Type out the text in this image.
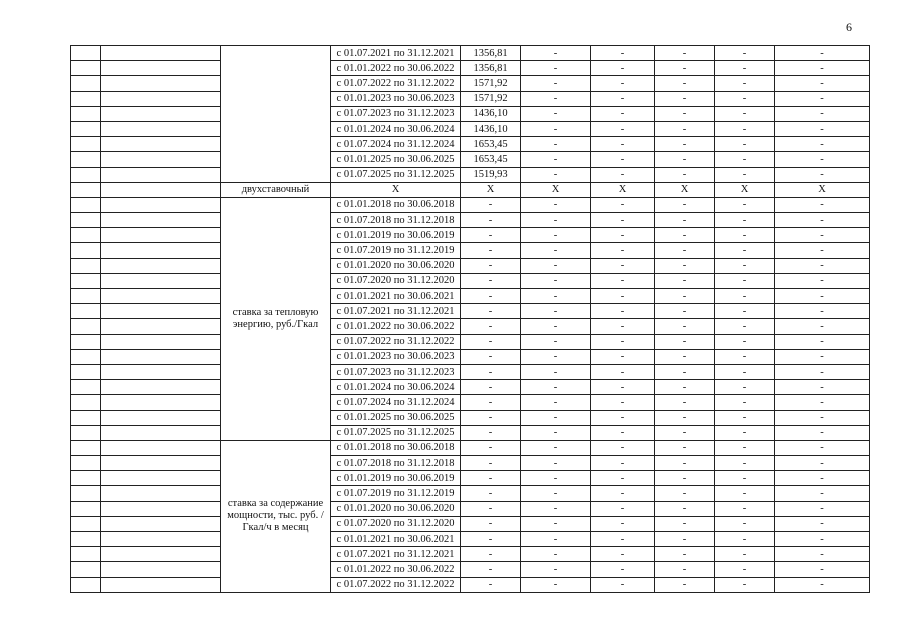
6
			с 01.07.2021 по 31.12.2021	1356,81	-	-	-	-	-
			с 01.01.2022 по 30.06.2022	1356,81	-	-	-	-	-
			с 01.07.2022 по 31.12.2022	1571,92	-	-	-	-	-
			с 01.01.2023 по 30.06.2023	1571,92	-	-	-	-	-
			с 01.07.2023 по 31.12.2023	1436,10	-	-	-	-	-
			с 01.01.2024 по 30.06.2024	1436,10	-	-	-	-	-
			с 01.07.2024 по 31.12.2024	1653,45	-	-	-	-	-
			с 01.01.2025 по 30.06.2025	1653,45	-	-	-	-	-
			с 01.07.2025 по 31.12.2025	1519,93	-	-	-	-	-
		двухставочный	X	X	X	X	X	X	X
		ставка за тепловую энергию, руб./Гкал	с 01.01.2018 по 30.06.2018	-	-	-	-	-	-
			с 01.07.2018 по 31.12.2018	-	-	-	-	-	-
			с 01.01.2019 по 30.06.2019	-	-	-	-	-	-
			с 01.07.2019 по 31.12.2019	-	-	-	-	-	-
			с 01.01.2020 по 30.06.2020	-	-	-	-	-	-
			с 01.07.2020 по 31.12.2020	-	-	-	-	-	-
			с 01.01.2021 по 30.06.2021	-	-	-	-	-	-
			с 01.07.2021 по 31.12.2021	-	-	-	-	-	-
			с 01.01.2022 по 30.06.2022	-	-	-	-	-	-
			с 01.07.2022 по 31.12.2022	-	-	-	-	-	-
			с 01.01.2023 по 30.06.2023	-	-	-	-	-	-
			с 01.07.2023 по 31.12.2023	-	-	-	-	-	-
			с 01.01.2024 по 30.06.2024	-	-	-	-	-	-
			с 01.07.2024 по 31.12.2024	-	-	-	-	-	-
			с 01.01.2025 по 30.06.2025	-	-	-	-	-	-
			с 01.07.2025 по 31.12.2025	-	-	-	-	-	-
		ставка за содержание мощности, тыс. руб. /Гкал/ч в месяц	с 01.01.2018 по 30.06.2018	-	-	-	-	-	-
			с 01.07.2018 по 31.12.2018	-	-	-	-	-	-
			с 01.01.2019 по 30.06.2019	-	-	-	-	-	-
			с 01.07.2019 по 31.12.2019	-	-	-	-	-	-
			с 01.01.2020 по 30.06.2020	-	-	-	-	-	-
			с 01.07.2020 по 31.12.2020	-	-	-	-	-	-
			с 01.01.2021 по 30.06.2021	-	-	-	-	-	-
			с 01.07.2021 по 31.12.2021	-	-	-	-	-	-
			с 01.01.2022 по 30.06.2022	-	-	-	-	-	-
			с 01.07.2022 по 31.12.2022	-	-	-	-	-	-
